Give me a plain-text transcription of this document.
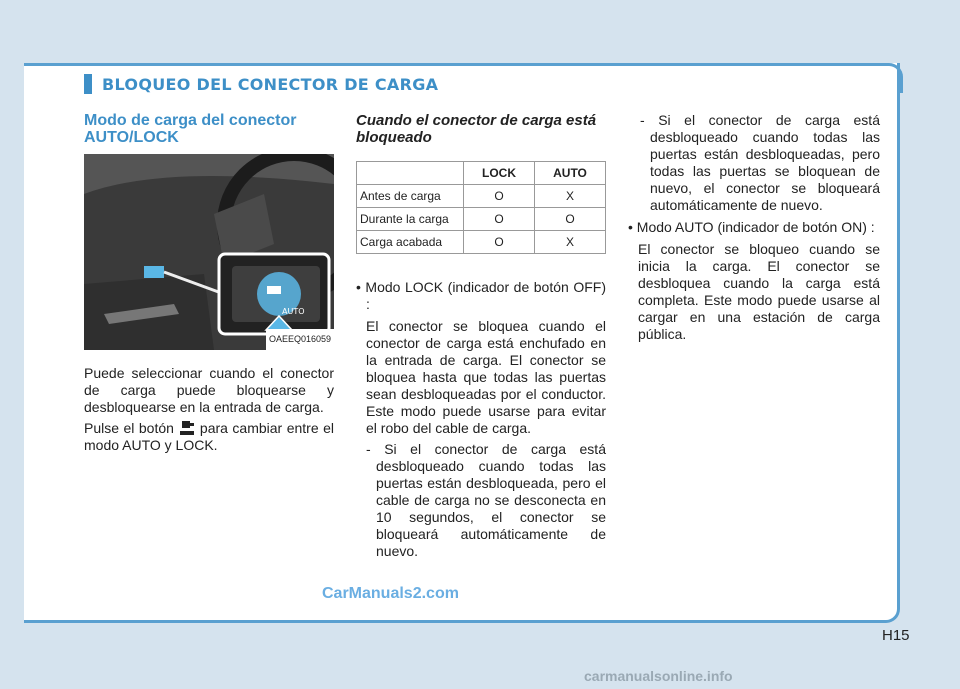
BLOQUEO DEL CONECTOR DE CARGA
Modo de carga del conector AUTO/LOCK
AUTO
OAEEQ016059

Puede seleccionar cuando el conector de carga puede bloquearse y desbloquearse en la entrada de carga.

Pulse el botón para cambiar entre el modo AUTO y LOCK.

Cuando el conector de carga está bloqueado
	LOCK	AUTO
Antes de carga	O	X
Durante la carga	O	O
Carga acabada	O	X

• Modo LOCK (indicador de botón OFF) :

El conector se bloquea cuando el conector de carga está enchufado en la entrada de carga. El conector se bloquea hasta que todas las puertas sean desbloqueadas por el conductor. Este modo puede usarse para evitar el robo del cable de carga.

- Si el conector de carga está desbloqueado cuando todas las puertas están desbloqueada, pero el cable de carga no se desconecta en 10 segundos, el conector se bloqueará automáticamente de nuevo.

- Si el conector de carga está desbloqueado cuando todas las puertas están desbloqueadas, pero todas las puertas se bloquean de nuevo, el conector se bloqueará automáticamente de nuevo.

• Modo AUTO (indicador de botón ON) :

El conector se bloqueo cuando se inicia la carga. El conector se desbloquea cuando la carga está completa. Este modo puede usarse al cargar en una estación de carga pública.

CarManuals2.com
H15
carmanualsonline.info
